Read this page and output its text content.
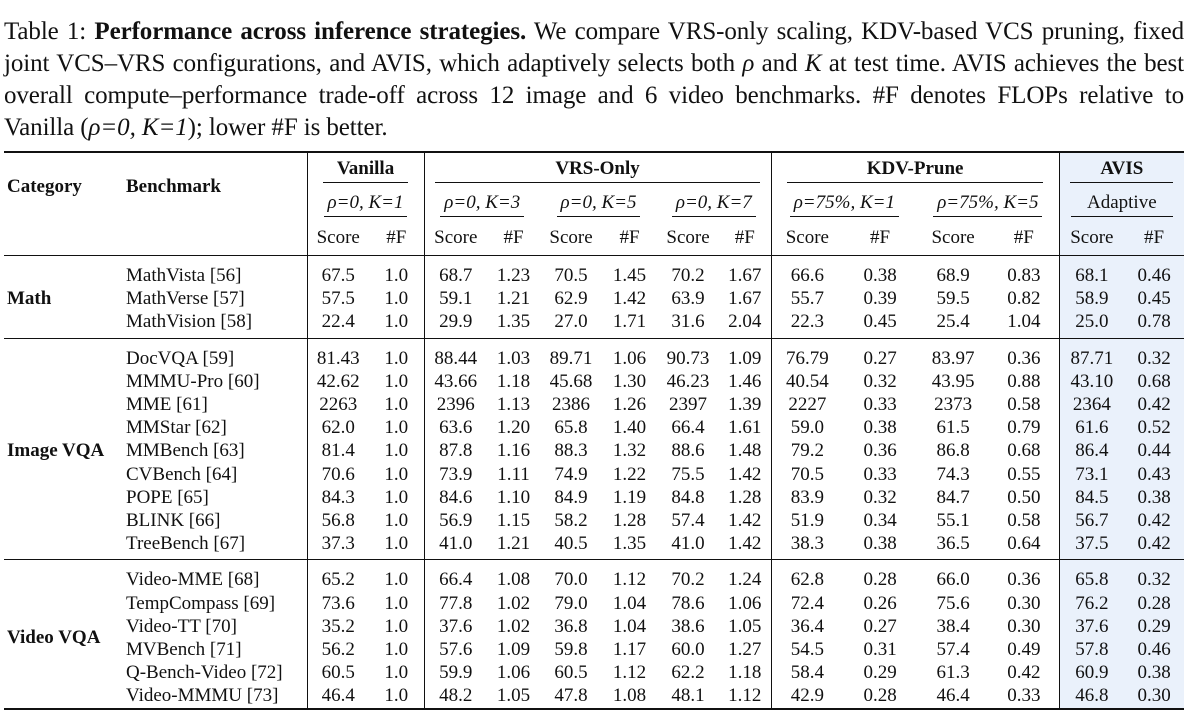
Table 1: Performance across inference strategies. We compare VRS-only scaling, KDV-based VCS pruning, fixed joint VCS–VRS configurations, and AVIS, which adaptively selects both ρ and K at test time. AVIS achieves the best overall compute–performance trade-off across 12 image and 6 video benchmarks. #F denotes FLOPs relative to Vanilla (ρ=0, K=1); lower #F is better.
Category	Benchmark	Vanilla		VRS-Only						KDV-Prune				AVIS	
		ρ=0, K=1		ρ=0, K=3		ρ=0, K=5		ρ=0, K=7		ρ=75%, K=1		ρ=75%, K=5		Adaptive	
		Score	#F	Score	#F	Score	#F	Score	#F	Score	#F	Score	#F	Score	#F

Math	MathVista [56]	67.5	1.0	68.7	1.23	70.5	1.45	70.2	1.67	66.6	0.38	68.9	0.83	68.1	0.46
	MathVerse [57]	57.5	1.0	59.1	1.21	62.9	1.42	63.9	1.67	55.7	0.39	59.5	0.82	58.9	0.45
	MathVision [58]	22.4	1.0	29.9	1.35	27.0	1.71	31.6	2.04	22.3	0.45	25.4	1.04	25.0	0.78

Image VQA	DocVQA [59]	81.43	1.0	88.44	1.03	89.71	1.06	90.73	1.09	76.79	0.27	83.97	0.36	87.71	0.32
	MMMU-Pro [60]	42.62	1.0	43.66	1.18	45.68	1.30	46.23	1.46	40.54	0.32	43.95	0.88	43.10	0.68
	MME [61]	2263	1.0	2396	1.13	2386	1.26	2397	1.39	2227	0.33	2373	0.58	2364	0.42
	MMStar [62]	62.0	1.0	63.6	1.20	65.8	1.40	66.4	1.61	59.0	0.38	61.5	0.79	61.6	0.52
	MMBench [63]	81.4	1.0	87.8	1.16	88.3	1.32	88.6	1.48	79.2	0.36	86.8	0.68	86.4	0.44
	CVBench [64]	70.6	1.0	73.9	1.11	74.9	1.22	75.5	1.42	70.5	0.33	74.3	0.55	73.1	0.43
	POPE [65]	84.3	1.0	84.6	1.10	84.9	1.19	84.8	1.28	83.9	0.32	84.7	0.50	84.5	0.38
	BLINK [66]	56.8	1.0	56.9	1.15	58.2	1.28	57.4	1.42	51.9	0.34	55.1	0.58	56.7	0.42
	TreeBench [67]	37.3	1.0	41.0	1.21	40.5	1.35	41.0	1.42	38.3	0.38	36.5	0.64	37.5	0.42

Video VQA	Video-MME [68]	65.2	1.0	66.4	1.08	70.0	1.12	70.2	1.24	62.8	0.28	66.0	0.36	65.8	0.32
	TempCompass [69]	73.6	1.0	77.8	1.02	79.0	1.04	78.6	1.06	72.4	0.26	75.6	0.30	76.2	0.28
	Video-TT [70]	35.2	1.0	37.6	1.02	36.8	1.04	38.6	1.05	36.4	0.27	38.4	0.30	37.6	0.29
	MVBench [71]	56.2	1.0	57.6	1.09	59.8	1.17	60.0	1.27	54.5	0.31	57.4	0.49	57.8	0.46
	Q-Bench-Video [72]	60.5	1.0	59.9	1.06	60.5	1.12	62.2	1.18	58.4	0.29	61.3	0.42	60.9	0.38
	Video-MMMU [73]	46.4	1.0	48.2	1.05	47.8	1.08	48.1	1.12	42.9	0.28	46.4	0.33	46.8	0.30
